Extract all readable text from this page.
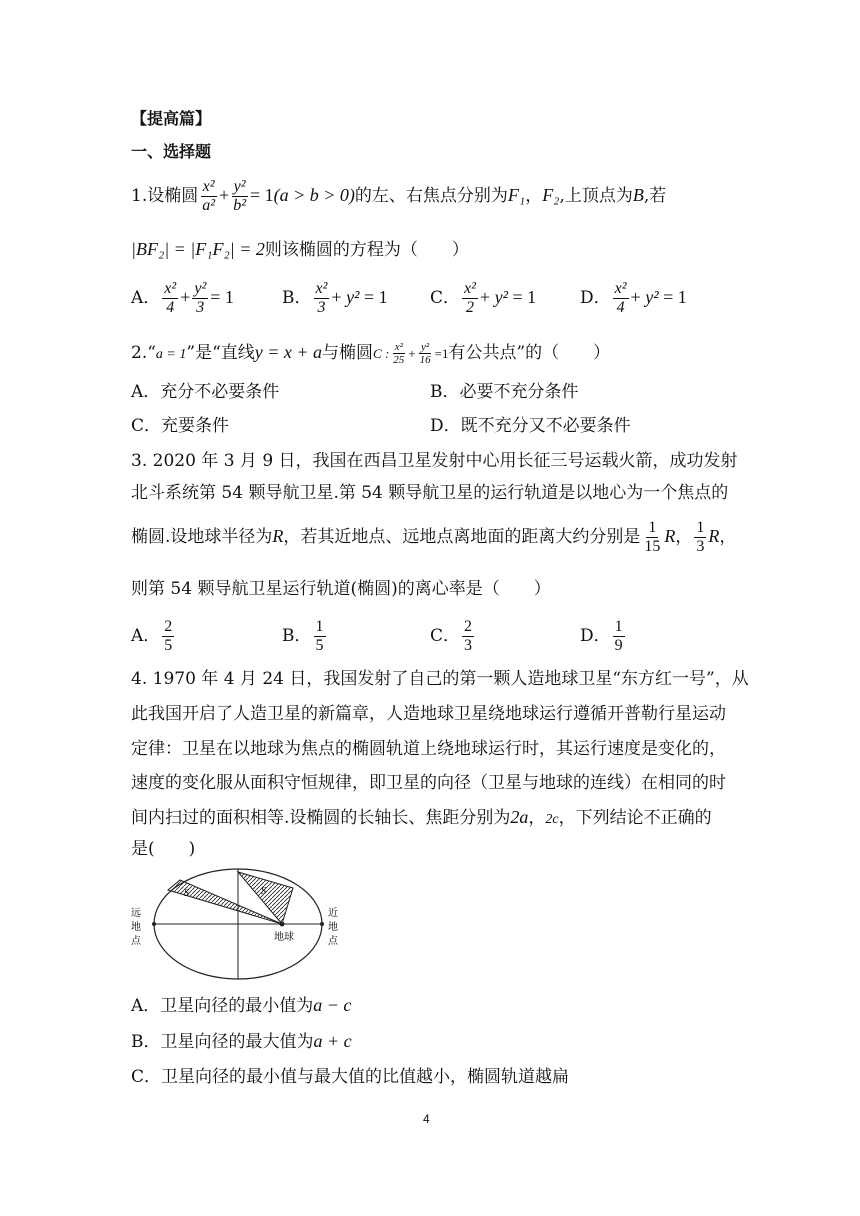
【提高篇】
一、选择题
1.设椭圆 $\frac{\text{x²}}{\text{a²}} + \frac{\text{y²}}{\text{b²}} = 1(a > b > 0)$的左、右焦点分别为F₁，F₂,上顶点为B,若
|BF₂| = |F₁F₂| = 2则该椭圆的方程为（　　）
A． $\frac{\text{x²}}{4} + \frac{\text{y²}}{3} = 1$	B． $\frac{\text{x²}}{3} + y^2 = 1$ C． $\frac{\text{x²}}{2} + y^2 = 1$	D． $\frac{\text{x²}}{4} + y^2 = 1$
2.“a = 1”是“直线y = x + a与椭圆C : $\frac{\text{x²}}{25} + \frac{\text{y²}}{16} =1$有公共点”的（　　）
A．充分不必要条件	B．必要不充分条件
C．充要条件	D．既不充分又不必要条件
3. 2020 年 3 月 9 日，我国在西昌卫星发射中心用长征三号运载火箭，成功发射
北斗系统第 54 颗导航卫星.第 54 颗导航卫星的运行轨道是以地心为一个焦点的
椭圆.设地球半径为R，若其近地点、远地点离地面的距离大约分别是 $\frac{1}{15}$ R， $\frac{1}{3}$ R，
则第 54 颗导航卫星运行轨道(椭圆)的离心率是（　　）
A． $\frac{2}{5}$	B． $\frac{1}{5}$	C． $\frac{2}{3}$	D． $\frac{1}{9}$
4. 1970 年 4 月 24 日，我国发射了自己的第一颗人造地球卫星“东方红一号”，从
此我国开启了人造卫星的新篇章，人造地球卫星绕地球运行遵循开普勒行星运动
定律：卫星在以地球为焦点的椭圆轨道上绕地球运行时，其运行速度是变化的，
速度的变化服从面积守恒规律，即卫星的向径（卫星与地球的连线）在相同的时
间内扫过的面积相等.设椭圆的长轴长、焦距分别为2a，2c，下列结论不正确的
是(　　)
S	S
远
地
点
近
地
点
地球
A．卫星向径的最小值为a − c
B．卫星向径的最大值为a + c
C．卫星向径的最小值与最大值的比值越小，椭圆轨道越扁
4
